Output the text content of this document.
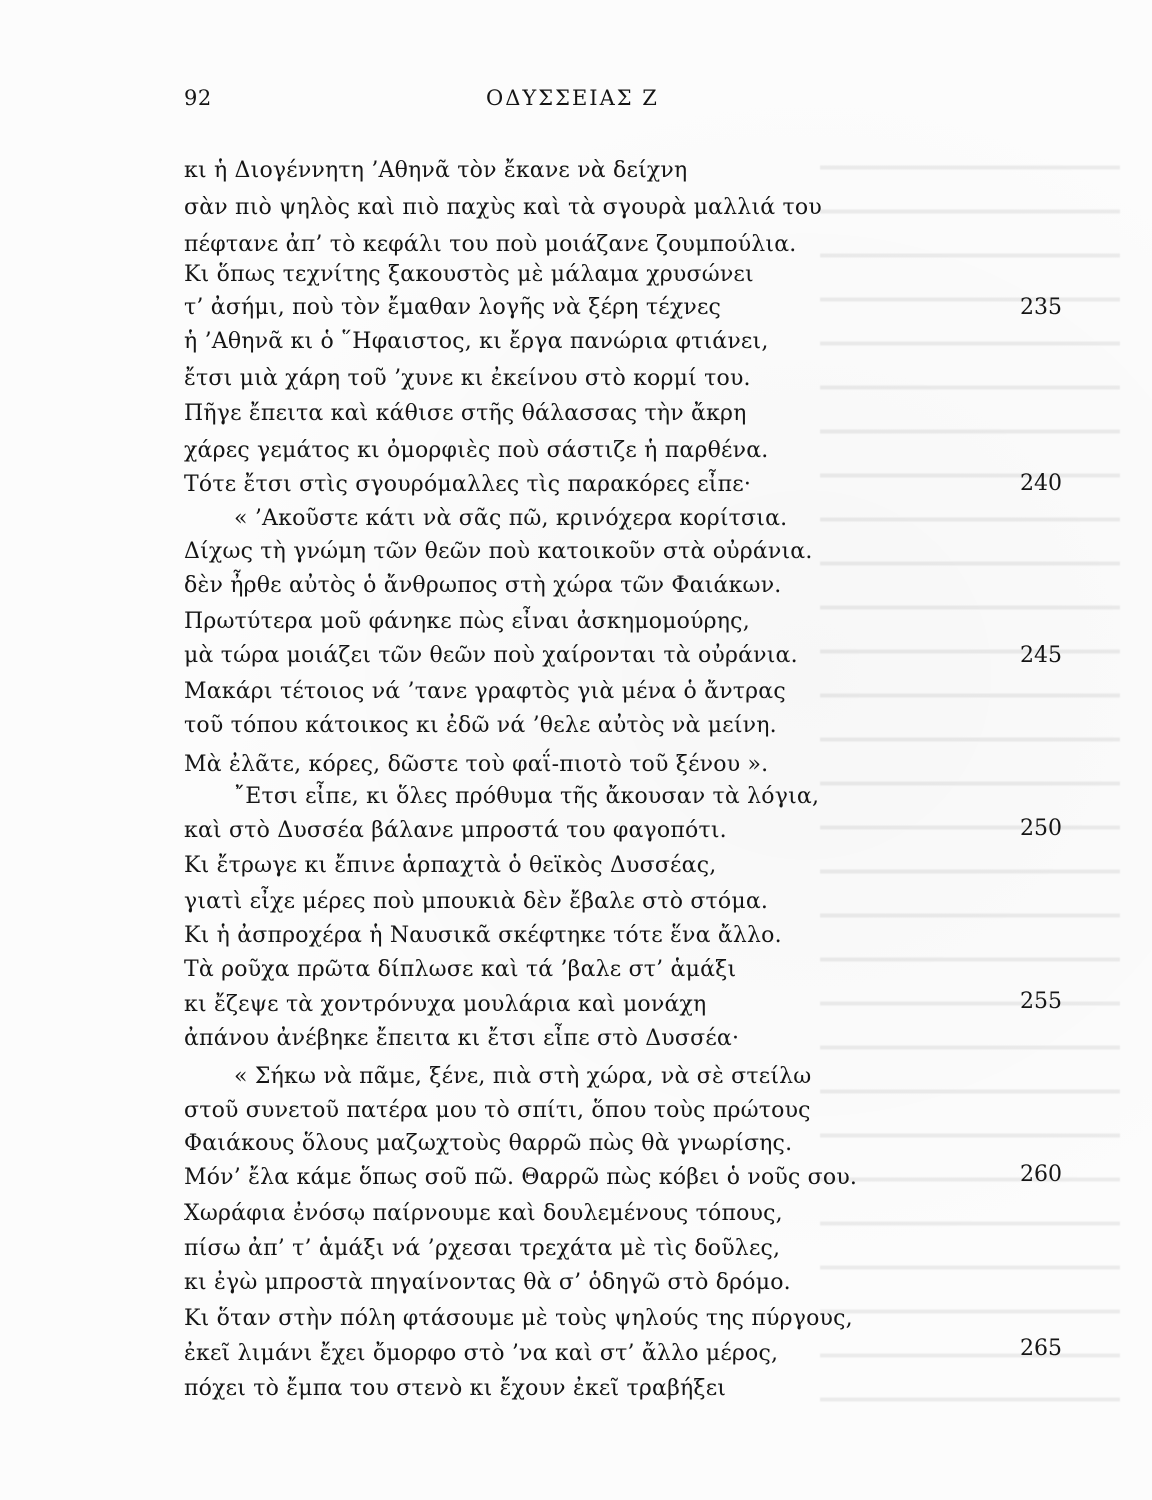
92	ΟΔΥΣΣΕΙΑΣ Ζ
κι ἡ Διογέννητη ’Αθηνᾶ τὸν ἔκανε νὰ δείχνη
σὰν πιὸ ψηλὸς καὶ πιὸ παχὺς καὶ τὰ σγουρὰ μαλλιά του
πέφτανε ἀπ’ τὸ κεφάλι του ποὺ μοιάζανε ζουμπούλια.
Κι ὅπως τεχνίτης ξακουστὸς μὲ μάλαμα χρυσώνει
τ’ ἀσήμι, ποὺ τὸν ἔμαθαν λογῆς νὰ ξέρη τέχνες
ἡ ’Αθηνᾶ κι ὁ ῞Ηφαιστος, κι ἔργα πανώρια φτιάνει,
ἔτσι μιὰ χάρη τοῦ ’χυνε κι ἐκείνου στὸ κορμί του.
Πῆγε ἔπειτα καὶ κάθισε στῆς θάλασσας τὴν ἄκρη
χάρες γεμάτος κι ὀμορφιὲς ποὺ σάστιζε ἡ παρθένα.
Τότε ἔτσι στὶς σγουρόμαλλες τὶς παρακόρες εἶπε·
« ’Ακοῦστε κάτι νὰ σᾶς πῶ, κρινόχερα κορίτσια.
Δίχως τὴ γνώμη τῶν θεῶν ποὺ κατοικοῦν στὰ οὐράνια.
δὲν ἦρθε αὐτὸς ὁ ἄνθρωπος στὴ χώρα τῶν Φαιάκων.
Πρωτύτερα μοῦ φάνηκε πὼς εἶναι ἀσκημομούρης,
μὰ τώρα μοιάζει τῶν θεῶν ποὺ χαίρονται τὰ οὐράνια.
Μακάρι τέτοιος νά ’τανε γραφτὸς γιὰ μένα ὁ ἄντρας
τοῦ τόπου κάτοικος κι ἐδῶ νά ’θελε αὐτὸς νὰ μείνη.
Μὰ ἐλᾶτε, κόρες, δῶστε τοὺ φαΐ-πιοτὸ τοῦ ξένου ».
῎Ετσι εἶπε, κι ὅλες πρόθυμα τῆς ἄκουσαν τὰ λόγια,
καὶ στὸ Δυσσέα βάλανε μπροστά του φαγοπότι.
Κι ἔτρωγε κι ἔπινε ἁρπαχτὰ ὁ θεϊκὸς Δυσσέας,
γιατὶ εἶχε μέρες ποὺ μπουκιὰ δὲν ἔβαλε στὸ στόμα.
Κι ἡ ἀσπροχέρα ἡ Ναυσικᾶ σκέφτηκε τότε ἕνα ἄλλο.
Τὰ ροῦχα πρῶτα δίπλωσε καὶ τά ’βαλε στ’ ἁμάξι
κι ἔζεψε τὰ χοντρόνυχα μουλάρια καὶ μονάχη
ἀπάνου ἀνέβηκε ἔπειτα κι ἔτσι εἶπε στὸ Δυσσέα·
« Σήκω νὰ πᾶμε, ξένε, πιὰ στὴ χώρα, νὰ σὲ στείλω
στοῦ συνετοῦ πατέρα μου τὸ σπίτι, ὅπου τοὺς πρώτους
Φαιάκους ὅλους μαζωχτοὺς θαρρῶ πὼς θὰ γνωρίσης.
Μόν’ ἔλα κάμε ὅπως σοῦ πῶ. Θαρρῶ πὼς κόβει ὁ νοῦς σου.
Χωράφια ἐνόσῳ παίρνουμε καὶ δουλεμένους τόπους,
πίσω ἀπ’ τ’ ἁμάξι νά ’ρχεσαι τρεχάτα μὲ τὶς δοῦλες,
κι ἐγὼ μπροστὰ πηγαίνοντας θὰ σ’ ὁδηγῶ στὸ δρόμο.
Κι ὅταν στὴν πόλη φτάσουμε μὲ τοὺς ψηλούς της πύργους,
ἐκεῖ λιμάνι ἔχει ὄμορφο στὸ ’να καὶ στ’ ἄλλο μέρος,
πόχει τὸ ἔμπα του στενὸ κι ἔχουν ἐκεῖ τραβήξει
235
240
245
250
255
260
265
